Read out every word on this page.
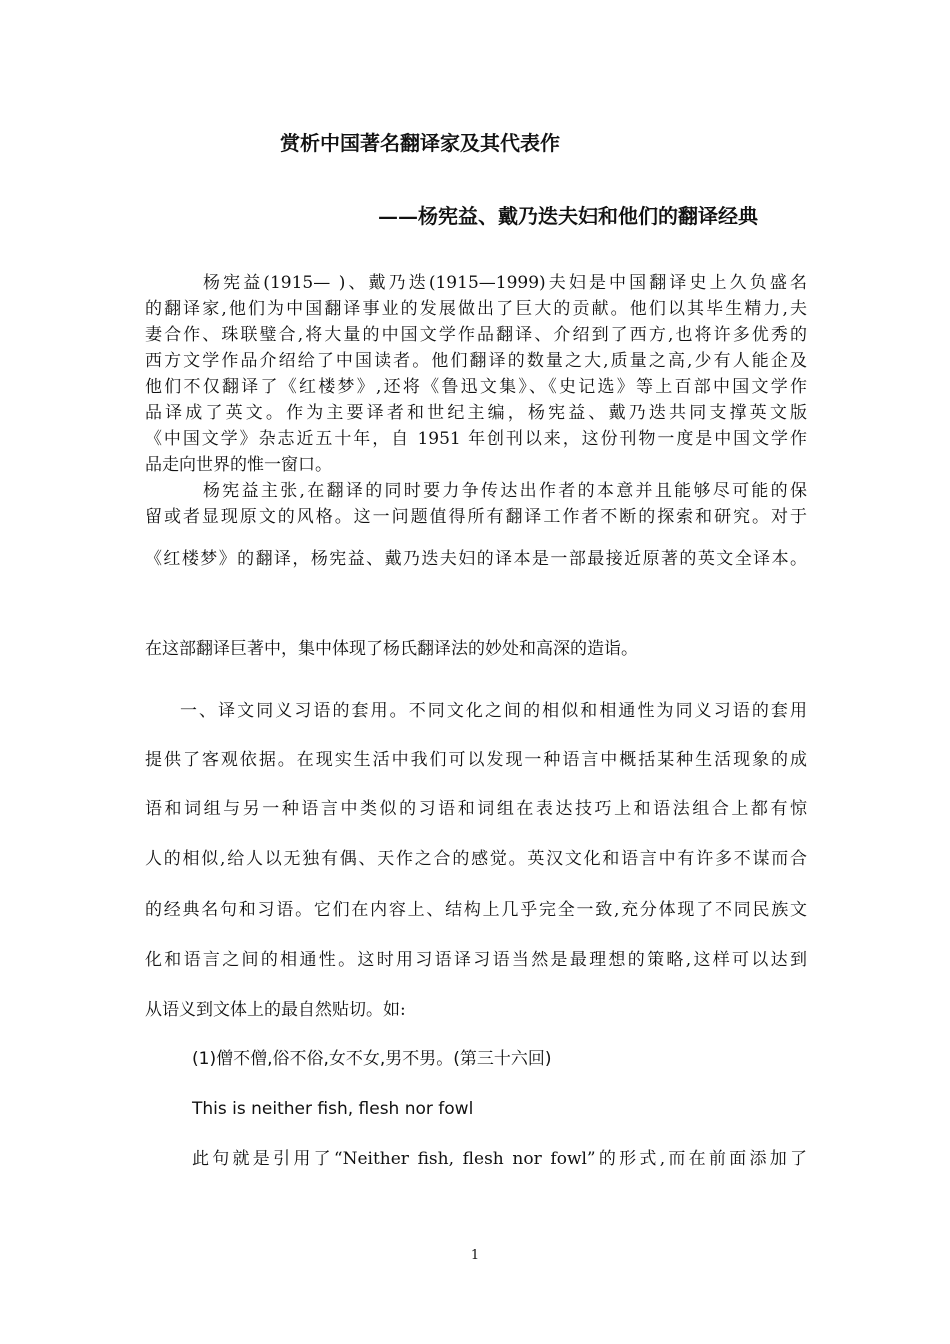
赏析中国著名翻译家及其代表作
——杨宪益、戴乃迭夫妇和他们的翻译经典
杨宪益(1915— )、戴乃迭(1915—1999)夫妇是中国翻译史上久负盛名
的翻译家,他们为中国翻译事业的发展做出了巨大的贡献。他们以其毕生精力,夫
妻合作、珠联璧合,将大量的中国文学作品翻译、介绍到了西方,也将许多优秀的
西方文学作品介绍给了中国读者。他们翻译的数量之大,质量之高,少有人能企及
他们不仅翻译了《红楼梦》,还将《鲁迅文集》、《史记选》等上百部中国文学作
品译成了英文。作为主要译者和世纪主编，杨宪益、戴乃迭共同支撑英文版
《中国文学》杂志近五十年，自 1951 年创刊以来，这份刊物一度是中国文学作
品走向世界的惟一窗口。
杨宪益主张,在翻译的同时要力争传达出作者的本意并且能够尽可能的保
留或者显现原文的风格。这一问题值得所有翻译工作者不断的探索和研究。对于
《红楼梦》的翻译，杨宪益、戴乃迭夫妇的译本是一部最接近原著的英文全译本。
在这部翻译巨著中，集中体现了杨氏翻译法的妙处和高深的造诣。
一、译文同义习语的套用。不同文化之间的相似和相通性为同义习语的套用
提供了客观依据。在现实生活中我们可以发现一种语言中概括某种生活现象的成
语和词组与另一种语言中类似的习语和词组在表达技巧上和语法组合上都有惊
人的相似,给人以无独有偶、天作之合的感觉。英汉文化和语言中有许多不谋而合
的经典名句和习语。它们在内容上、结构上几乎完全一致,充分体现了不同民族文
化和语言之间的相通性。这时用习语译习语当然是最理想的策略,这样可以达到
从语义到文体上的最自然贴切。如:
(1)僧不僧,俗不俗,女不女,男不男。(第三十六回)
This is neither fish, flesh nor fowl
此句就是引用了“Neither fish, flesh nor fowl”的形式,而在前面添加了
1
